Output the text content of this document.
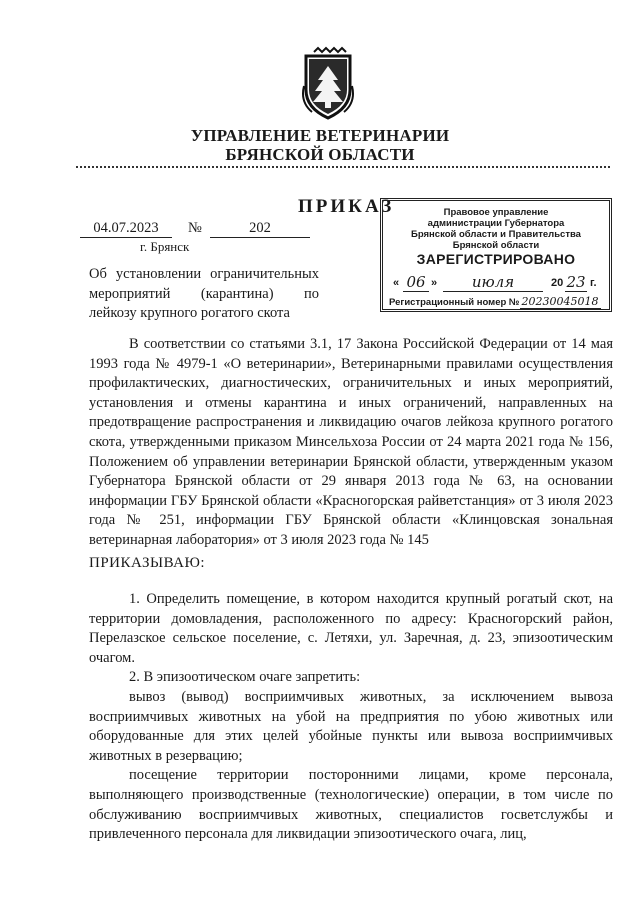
УПРАВЛЕНИЕ ВЕТЕРИНАРИИ
БРЯНСКОЙ ОБЛАСТИ
ПРИКАЗ
04.07.2023	№	202
г. Брянск
Об установлении ограничительных
мероприятий (карантина) по
лейкозу крупного рогатого скота
Правовое управление
администрации Губернатора
Брянской области и Правительства
Брянской области
ЗАРЕГИСТРИРОВАНО
« 06 »	июля	20 23 г.
Регистрационный номер № 20230045018

В соответствии со статьями 3.1, 17 Закона Российской Федерации от 14 мая 1993 года № 4979-1 «О ветеринарии», Ветеринарными правилами осуществления профилактических, диагностических, ограничительных и иных мероприятий, установления и отмены карантина и иных ограничений, направленных на предотвращение распространения и ликвидацию очагов лейкоза крупного рогатого скота, утвержденными приказом Минсельхоза России от 24 марта 2021 года № 156, Положением об управлении ветеринарии Брянской области, утвержденным указом Губернатора Брянской области от 29 января 2013 года № 63, на основании информации ГБУ Брянской области «Красногорская райветстанция» от 3 июля 2023 года № 251, информации ГБУ Брянской области «Клинцовская зональная ветеринарная лаборатория» от 3 июля 2023 года № 145

ПРИКАЗЫВАЮ:

1. Определить помещение, в котором находится крупный рогатый скот, на территории домовладения, расположенного по адресу: Красногорский район, Перелазское сельское поселение, с. Летяхи, ул. Заречная, д. 23, эпизоотическим очагом.

2. В эпизоотическом очаге запретить:

вывоз (вывод) восприимчивых животных, за исключением вывоза восприимчивых животных на убой на предприятия по убою животных или оборудованные для этих целей убойные пункты или вывоза восприимчивых животных в резервацию;

посещение территории посторонними лицами, кроме персонала, выполняющего производственные (технологические) операции, в том числе по обслуживанию восприимчивых животных, специалистов госветслужбы и привлеченного персонала для ликвидации эпизоотического очага, лиц,
